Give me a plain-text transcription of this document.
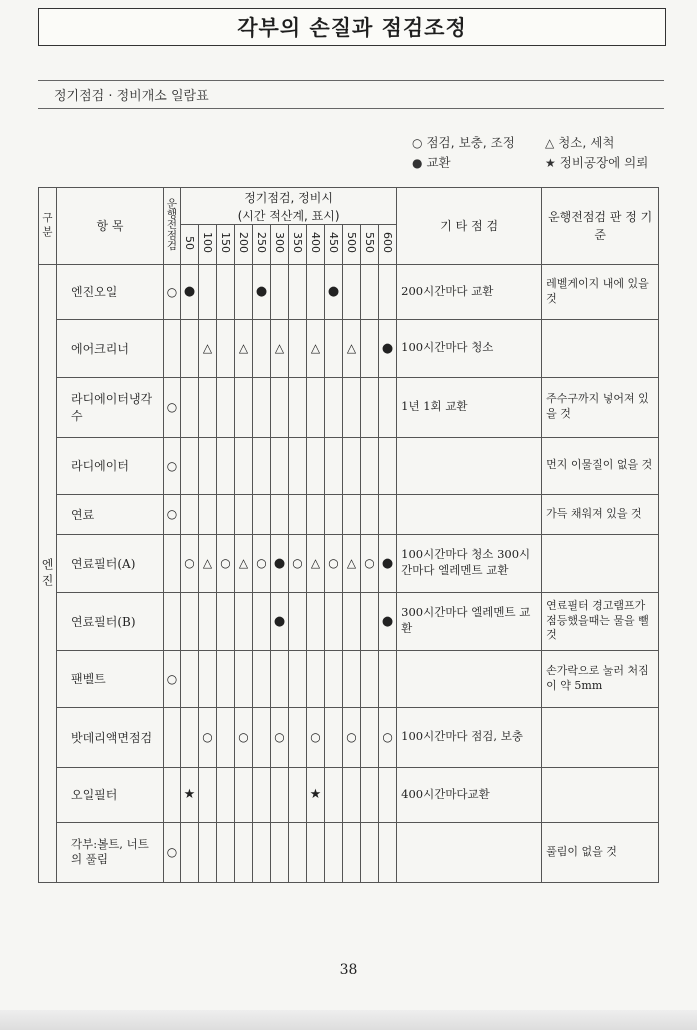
각부의 손질과 점검조정
정기점검 · 정비개소 일람표
○ 점검, 보충, 조정	△ 청소, 세척
● 교환	★ 정비공장에 의뢰
구 분	항 목	운행전점검	정기점검, 정비시												기 타 점 검	운행전점검 판 정 기 준
			(시간 적산계, 표시)													
			50	100	150	200	250	300	350	400	450	500	550	600		
엔 진	엔진오일	○	●				●				●				200시간마다 교환	레벨게이지 내에 있을 것
	에어크리너			△		△		△		△		△		●	100시간마다 청소	
	라디에이터냉각수	○													1년 1회 교환	주수구까지 넣어져 있을 것
	라디에이터	○														먼지 이물질이 없을 것
	연료	○														가득 채워져 있을 것
	연료필터(A)		○	△	○	△	○	●	○	△	○	△	○	●	100시간마다 청소 300시간마다 엘레멘트 교환	
	연료필터(B)							●						●	300시간마다 엘레멘트 교환	연료필터 경고램프가 점등했을때는 물을 뺄 것
	팬벨트	○														손가락으로 눌러 처짐이 약 5mm
	밧데리액면점검			○		○		○		○		○		○	100시간마다 점검, 보충	
	오일필터		★							★					400시간마다교환	
	각부:볼트, 너트 의 풀림	○														풀림이 없을 것
38
